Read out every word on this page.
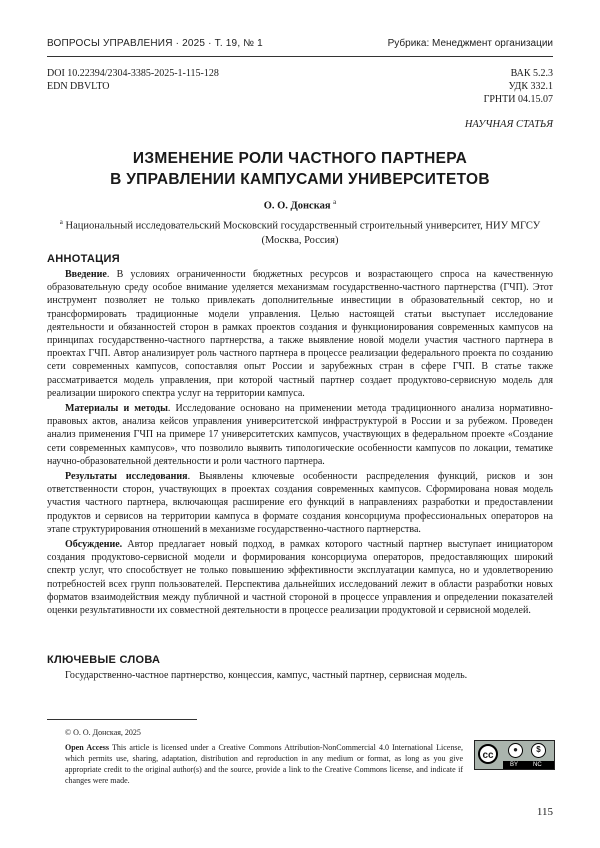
ВОПРОСЫ УПРАВЛЕНИЯ · 2025 · Т. 19, № 1	Рубрика: Менеджмент организации
DOI 10.22394/2304-3385-2025-1-115-128
EDN DBVLTO
ВАК 5.2.3
УДК 332.1
ГРНТИ 04.15.07
НАУЧНАЯ СТАТЬЯ
ИЗМЕНЕНИЕ РОЛИ ЧАСТНОГО ПАРТНЕРА
В УПРАВЛЕНИИ КАМПУСАМИ УНИВЕРСИТЕТОВ
О. О. Донская a
a Национальный исследовательский Московский государственный строительный университет, НИУ МГСУ
(Москва, Россия)
АННОТАЦИЯ

Введение. В условиях ограниченности бюджетных ресурсов и возрастающего спроса на качественную образовательную среду особое внимание уделяется механизмам государственно-частного партнерства (ГЧП). Этот инструмент позволяет не только привлекать дополнительные инвестиции в образовательный сектор, но и трансформировать традиционные модели управления. Целью настоящей статьи выступает исследование деятельности и обязанностей сторон в рамках проектов создания и функционирования современных кампусов на принципах государственно-частного партнерства, а также выявление новой модели участия частного партнера в проектах ГЧП. Автор анализирует роль частного партнера в процессе реализации федерального проекта по созданию сети современных кампусов, сопоставляя опыт России и зарубежных стран в сфере ГЧП. В статье также рассматривается модель управления, при которой частный партнер создает продуктово-сервисную модель для реализации широкого спектра услуг на территории кампуса.

Материалы и методы. Исследование основано на применении метода традиционного анализа нормативно-правовых актов, анализа кейсов управления университетской инфраструктурой в России и за рубежом. Проведен анализ применения ГЧП на примере 17 университетских кампусов, участвующих в федеральном проекте «Создание сети современных кампусов», что позволило выявить типологические особенности кампусов по локации, тематике научно-образовательной деятельности и роли частного партнера.

Результаты исследования. Выявлены ключевые особенности распределения функций, рисков и зон ответственности сторон, участвующих в проектах создания современных кампусов. Сформирована новая модель участия частного партнера, включающая расширение его функций в направлениях разработки и предоставлении продуктов и сервисов на территории кампуса в формате создания консорциума профессиональных операторов на этапе структурирования отношений в механизме государственно-частного партнерства.

Обсуждение. Автор предлагает новый подход, в рамках которого частный партнер выступает инициатором создания продуктово-сервисной модели и формирования консорциума операторов, предоставляющих широкий спектр услуг, что способствует не только повышению эффективности эксплуатации кампуса, но и удовлетворению потребностей всех групп пользователей. Перспектива дальнейших исследований лежит в области разработки новых форматов взаимодействия между публичной и частной стороной в процессе управления и определении показателей оценки результативности их совместной деятельности в процессе реализации продуктовой и сервисной моделей.

КЛЮЧЕВЫЕ СЛОВА
Государственно-частное партнерство, концессия, кампус, частный партнер, сервисная модель.
© О. О. Донская, 2025
Open Access This article is licensed under a Creative Commons Attribution-NonCommercial 4.0 International License, which permits use, sharing, adaptation, distribution and reproduction in any medium or format, as long as you give appropriate credit to the original author(s) and the source, provide a link to the Creative Commons license, and indicate if changes were made.
cc
●	$
BY NC
115
